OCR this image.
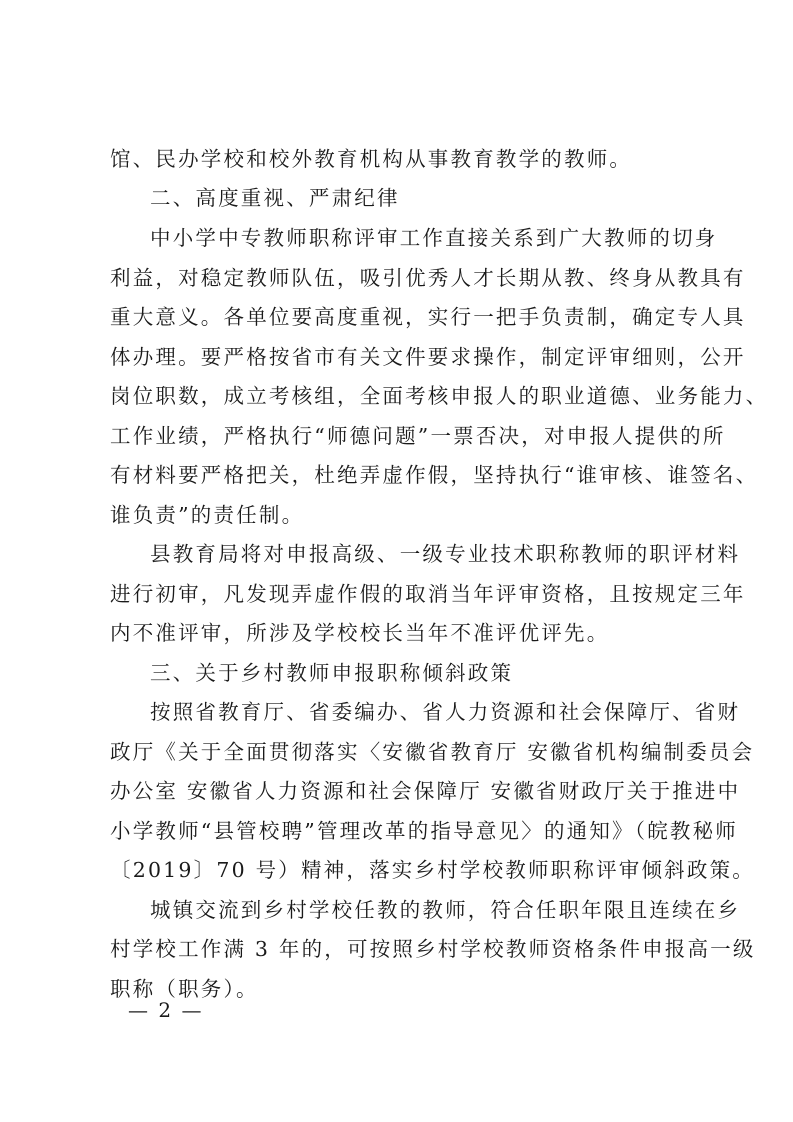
馆、民办学校和校外教育机构从事教育教学的教师。
二、高度重视、严肃纪律
中小学中专教师职称评审工作直接关系到广大教师的切身
利益，对稳定教师队伍，吸引优秀人才长期从教、终身从教具有
重大意义。各单位要高度重视，实行一把手负责制，确定专人具
体办理。要严格按省市有关文件要求操作，制定评审细则，公开
岗位职数，成立考核组，全面考核申报人的职业道德、业务能力、
工作业绩，严格执行“师德问题”一票否决，对申报人提供的所
有材料要严格把关，杜绝弄虚作假，坚持执行“谁审核、谁签名、
谁负责”的责任制。
县教育局将对申报高级、一级专业技术职称教师的职评材料
进行初审，凡发现弄虚作假的取消当年评审资格，且按规定三年
内不准评审，所涉及学校校长当年不准评优评先。
三、关于乡村教师申报职称倾斜政策
按照省教育厅、省委编办、省人力资源和社会保障厅、省财
政厅《关于全面贯彻落实〈安徽省教育厅 安徽省机构编制委员会
办公室 安徽省人力资源和社会保障厅 安徽省财政厅关于推进中
小学教师“县管校聘”管理改革的指导意见〉的通知》（皖教秘师
〔2019〕70 号）精神，落实乡村学校教师职称评审倾斜政策。
城镇交流到乡村学校任教的教师，符合任职年限且连续在乡
村学校工作满 3 年的，可按照乡村学校教师资格条件申报高一级
职称（职务）。
— 2 —
